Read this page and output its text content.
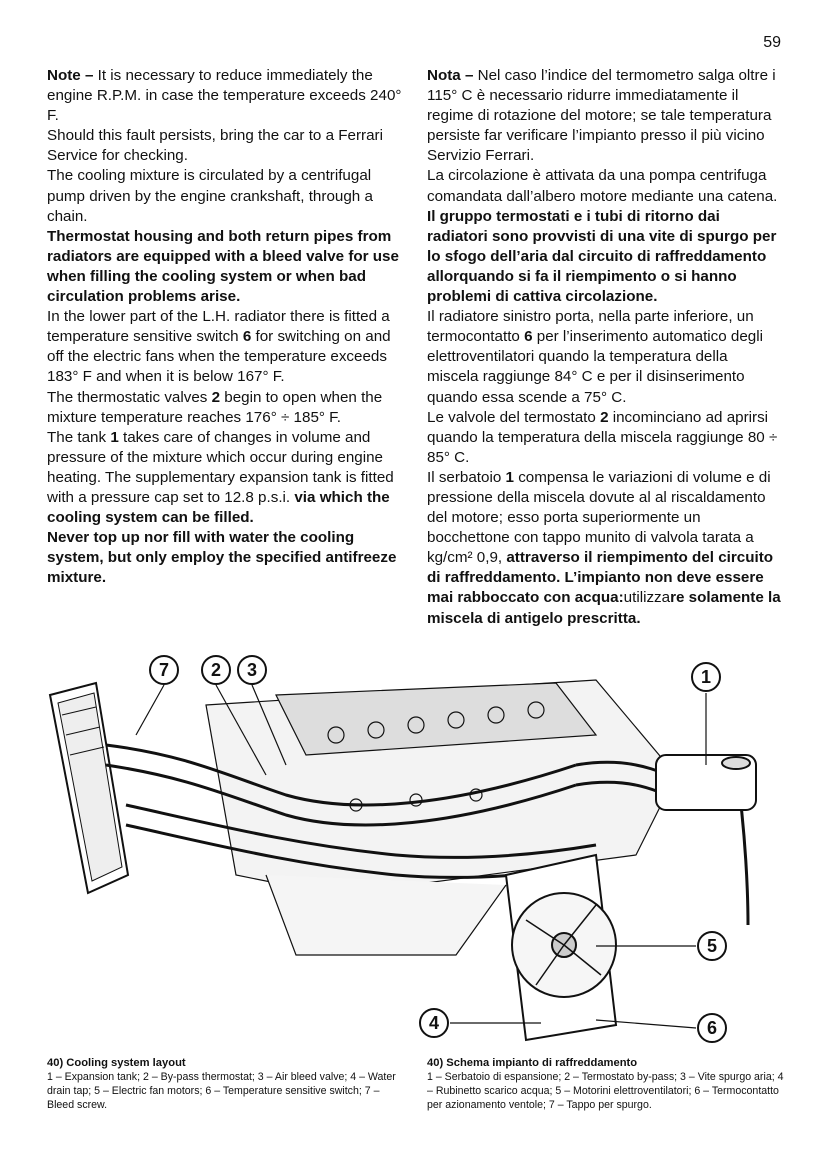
59

Note – It is necessary to reduce immediately the engine R.P.M. in case the temperature exceeds 240° F.

Should this fault persists, bring the car to a Ferrari Service for checking.

The cooling mixture is circulated by a centrifugal pump driven by the engine crankshaft, through a chain.

Thermostat housing and both return pipes from radiators are equipped with a bleed valve for use when filling the cooling system or when bad circulation problems arise.

In the lower part of the L.H. radiator there is fitted a temperature sensitive switch 6 for switching on and off the electric fans when the temperature exceeds 183° F and when it is below 167° F.

The thermostatic valves 2 begin to open when the mixture temperature reaches 176° ÷ 185° F.

The tank 1 takes care of changes in volume and pressure of the mixture which occur during engine heating. The supplementary expansion tank is fitted with a pressure cap set to 12.8 p.s.i. via which the cooling system can be filled.

Never top up nor fill with water the cooling system, but only employ the specified antifreeze mixture.

Nota – Nel caso l’indice del termometro salga oltre i 115° C è necessario ridurre immediatamente il regime di rotazione del motore; se tale temperatura persiste far verificare l’impianto presso il più vicino Servizio Ferrari.

La circolazione è attivata da una pompa centrifuga comandata dall’albero motore mediante una catena.

Il gruppo termostati e i tubi di ritorno dai radiatori sono provvisti di una vite di spurgo per lo sfogo dell’aria dal circuito di raffreddamento allorquando si fa il riempimento o si hanno problemi di cattiva circolazione.

Il radiatore sinistro porta, nella parte inferiore, un termocontatto 6 per l’inserimento automatico degli elettroventilatori quando la temperatura della miscela raggiunge 84° C e per il disinserimento quando essa scende a 75° C.

Le valvole del termostato 2 incominciano ad aprirsi quando la temperatura della miscela raggiunge 80 ÷ 85° C.

Il serbatoio 1 compensa le variazioni di volume e di pressione della miscela dovute al al riscaldamento del motore; esso porta superiormente un bocchettone con tappo munito di valvola tarata a kg/cm² 0,9, attraverso il riempimento del circuito di raffreddamento. L’impianto non deve essere mai rabboccato con acqua:utilizzare solamente la miscela di antigelo prescritta.

7 2 3	1
5
6
4
40) Cooling system layout
1 – Expansion tank; 2 – By-pass thermostat; 3 – Air bleed valve; 4 – Water drain tap; 5 – Electric fan motors; 6 – Temperature sensitive switch; 7 – Bleed screw.
40) Schema impianto di raffreddamento
1 – Serbatoio di espansione; 2 – Termostato by-pass; 3 – Vite spurgo aria; 4 – Rubinetto scarico acqua; 5 – Motorini elettroventilatori; 6 – Termocontatto per azionamento ventole; 7 – Tappo per spurgo.
